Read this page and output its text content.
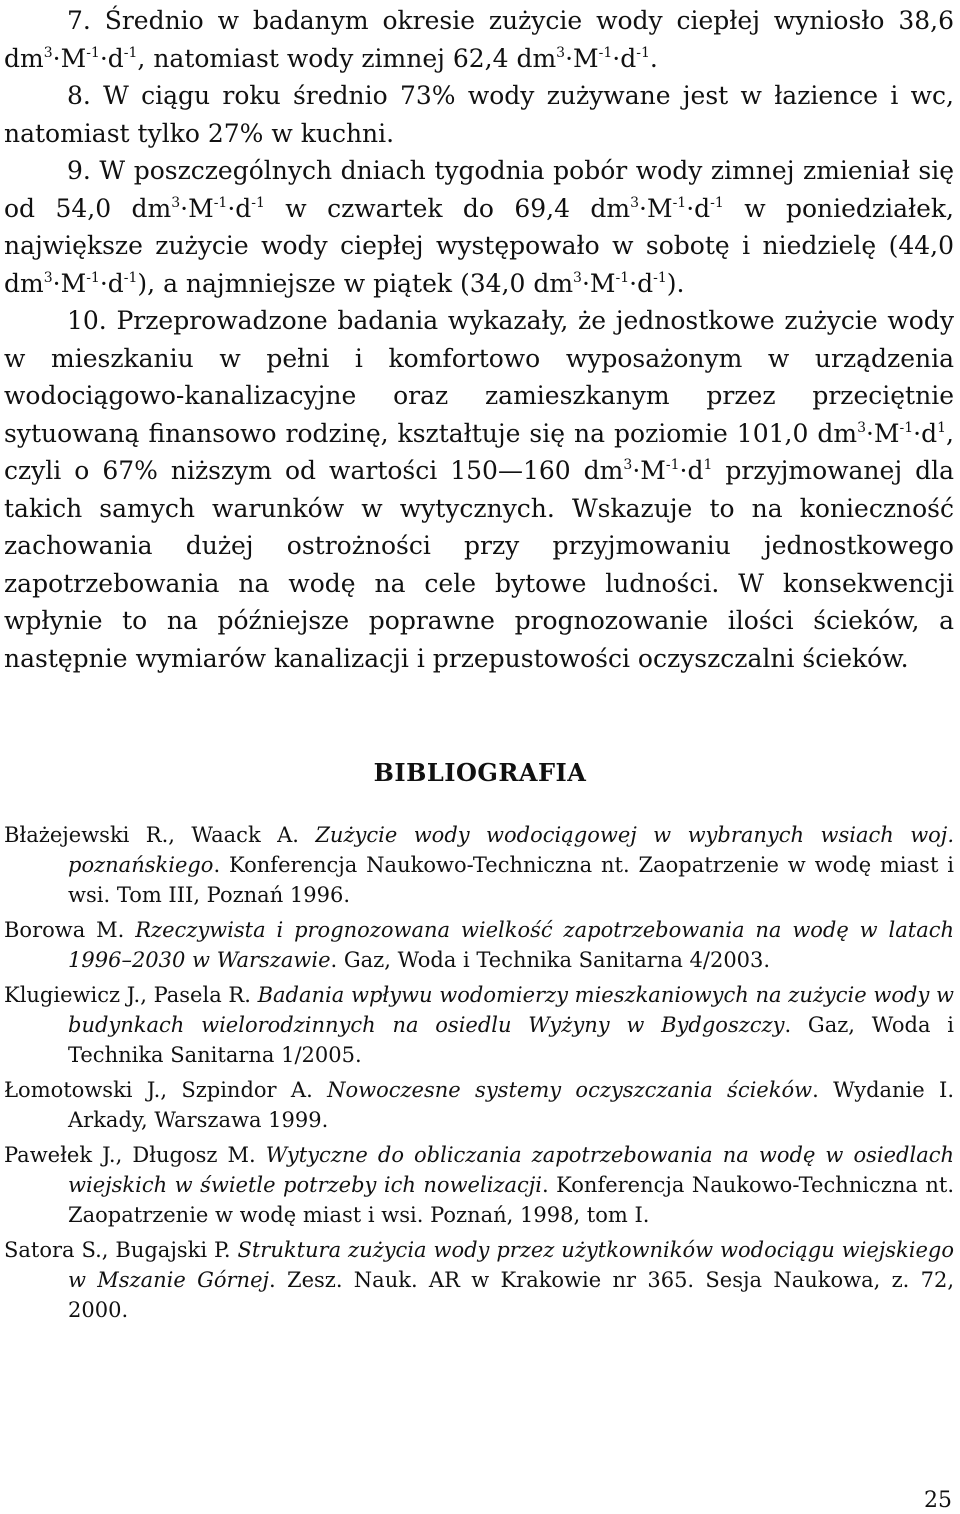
7. Średnio w badanym okresie zużycie wody ciepłej wyniosło 38,6 $dm^3\cdot M^{-1}\cdot d^{-1}$, natomiast wody zimnej 62,4 $dm^3\cdot M^{-1}\cdot d^{-1}$.

8. W ciągu roku średnio 73% wody zużywane jest w łazience i wc, natomiast tylko 27% w kuchni.

9. W poszczególnych dniach tygodnia pobór wody zimnej zmieniał się od 54,0 $dm^3\cdot M^{-1}\cdot d^{-1}$ w czwartek do 69,4 $dm^3\cdot M^{-1}\cdot d^{-1}$ w poniedziałek, największe zużycie wody ciepłej występowało w sobotę i niedzielę (44,0 $dm^3\cdot M^{-1}\cdot d^{-1}$), a najmniejsze w piątek (34,0 $dm^3\cdot M^{-1}\cdot d^{-1}$).

10. Przeprowadzone badania wykazały, że jednostkowe zużycie wody w mieszkaniu w pełni i komfortowo wyposażonym w urządzenia wodociągowo-kanalizacyjne oraz zamieszkanym przez przeciętnie sytuowaną finansowo rodzinę, kształtuje się na poziomie 101,0 $dm^3\cdot M^{-1}\cdot d^1$, czyli o 67% niższym od wartości 150—160 $dm^3\cdot M^{-1}\cdot d^1$ przyjmowanej dla takich samych warunków w wytycznych. Wskazuje to na konieczność zachowania dużej ostrożności przy przyjmowaniu jednostkowego zapotrzebowania na wodę na cele bytowe ludności. W konsekwencji wpłynie to na późniejsze poprawne prognozowanie ilości ścieków, a następnie wymiarów kanalizacji i przepustowości oczyszczalni ścieków.

BIBLIOGRAFIA

Błażejewski R., Waack A. Zużycie wody wodociągowej w wybranych wsiach woj. poznańskiego. Konferencja Naukowo-Techniczna nt. Zaopatrzenie w wodę miast i wsi. Tom III, Poznań 1996.

Borowa M. Rzeczywista i prognozowana wielkość zapotrzebowania na wodę w latach 1996–2030 w Warszawie. Gaz, Woda i Technika Sanitarna 4/2003.

Klugiewicz J., Pasela R. Badania wpływu wodomierzy mieszkaniowych na zużycie wody w budynkach wielorodzinnych na osiedlu Wyżyny w Bydgoszczy. Gaz, Woda i Technika Sanitarna 1/2005.

Łomotowski J., Szpindor A. Nowoczesne systemy oczyszczania ścieków. Wydanie I. Arkady, Warszawa 1999.

Pawełek J., Długosz M. Wytyczne do obliczania zapotrzebowania na wodę w osiedlach wiejskich w świetle potrzeby ich nowelizacji. Konferencja Naukowo-Techniczna nt. Zaopatrzenie w wodę miast i wsi. Poznań, 1998, tom I.

Satora S., Bugajski P. Struktura zużycia wody przez użytkowników wodociągu wiejskiego w Mszanie Górnej. Zesz. Nauk. AR w Krakowie nr 365. Sesja Naukowa, z. 72, 2000.

25
